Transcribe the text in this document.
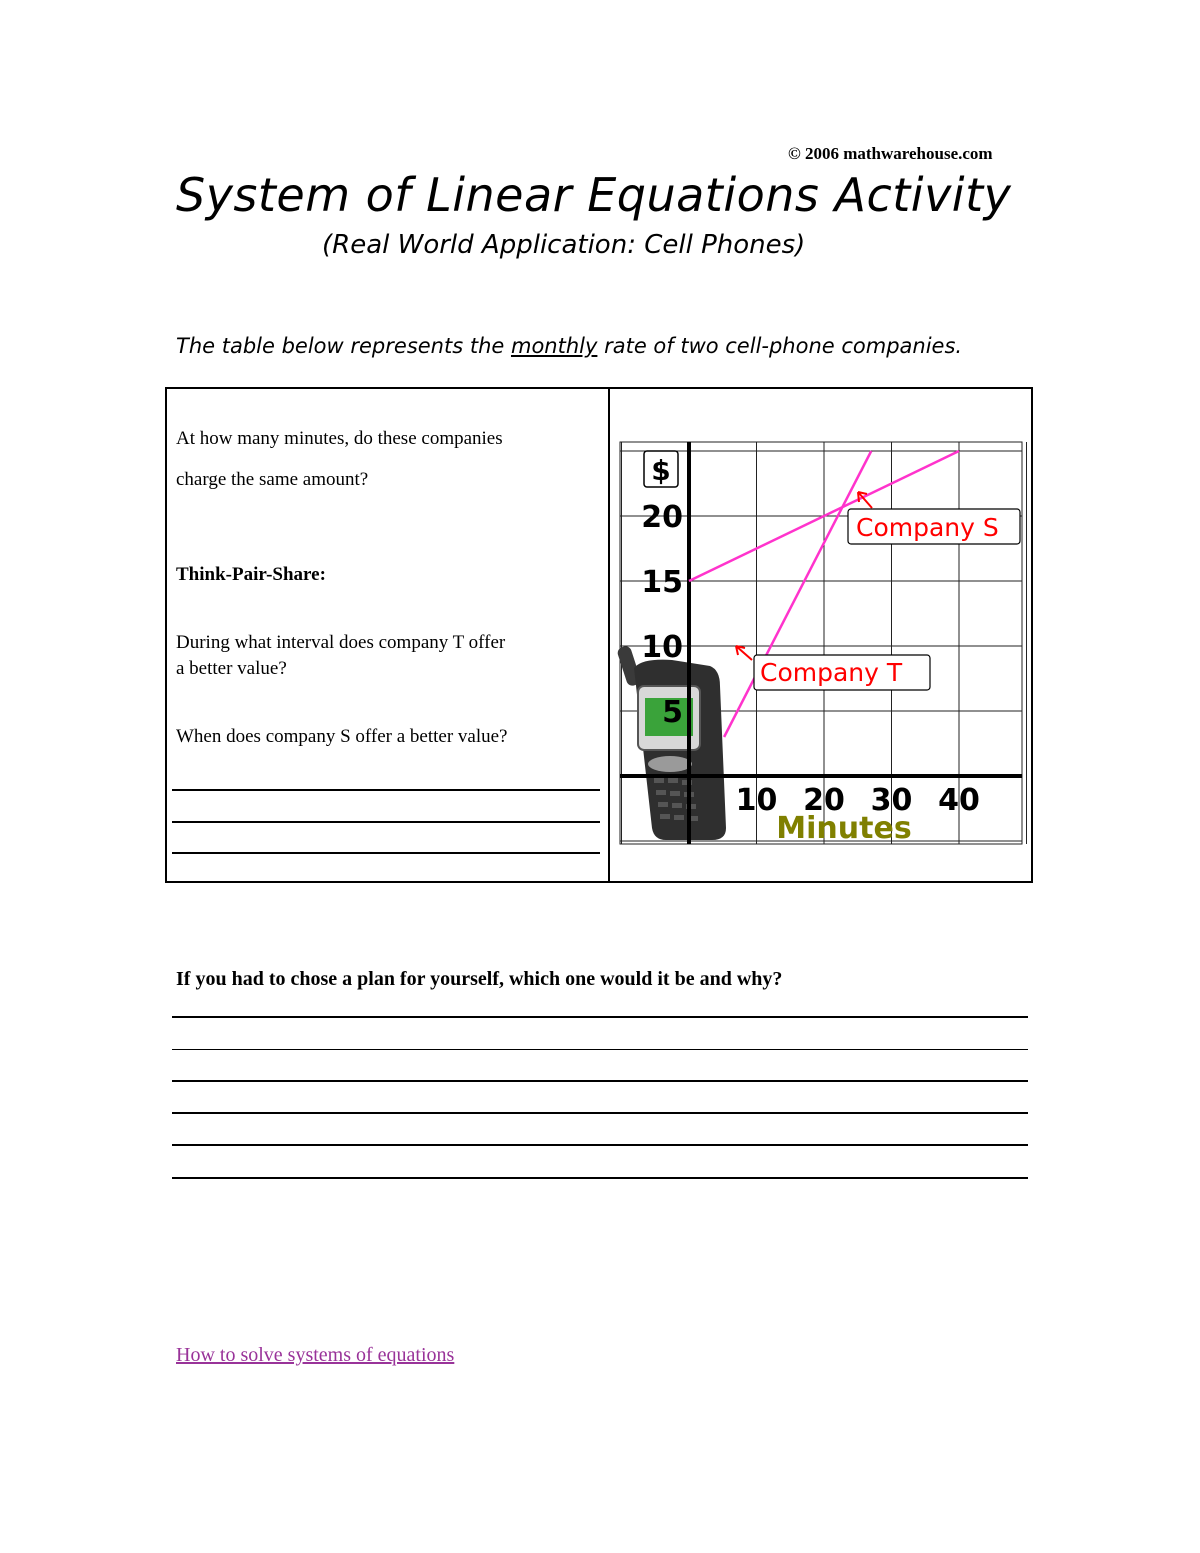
© 2006 mathwarehouse.com
System of Linear Equations Activity
(Real World Application: Cell Phones)
The table below represents the monthly rate of two cell-phone companies.
At how many minutes, do these companies
charge the same amount?
Think-Pair-Share:
During what interval does company T offer
a better value?
When does company S offer a better value?
5
10
15
20
10 20 30 40
$
Minutes
Company S
Company T
If you had to chose a plan for yourself, which one would it be and why?
How to solve systems of equations
